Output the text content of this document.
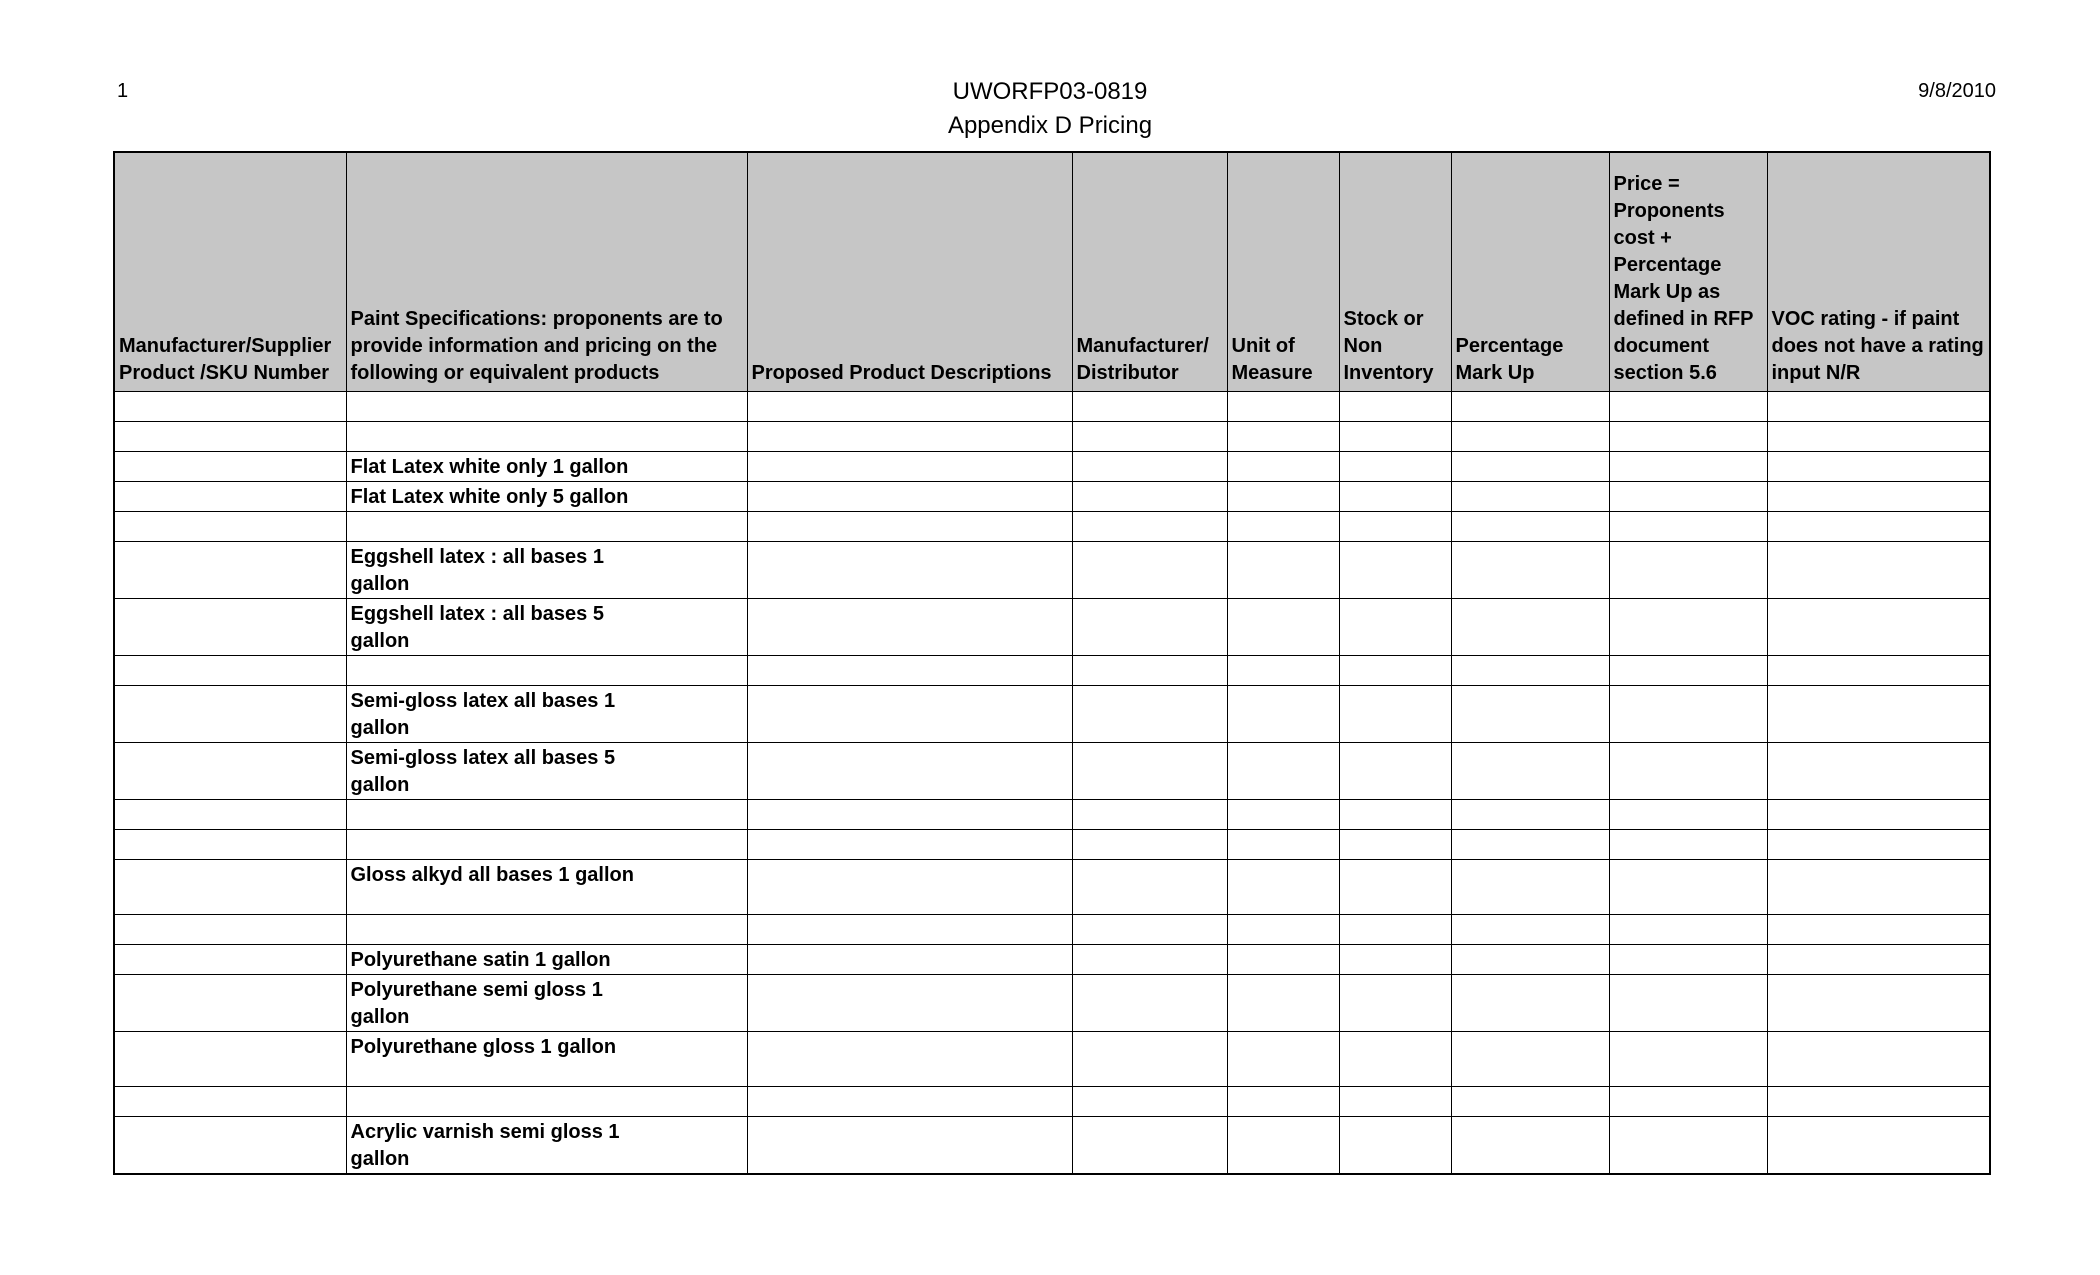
1	UWORFP03-0819
Appendix D Pricing
9/8/2010
Manufacturer/Supplier Product /SKU Number	Paint Specifications: proponents are to provide information and pricing on the following or equivalent products	Proposed Product Descriptions	Manufacturer/ Distributor	Unit of Measure	Stock or Non Inventory	Percentage Mark Up	Price = Proponents cost + Percentage Mark Up as defined in RFP document section 5.6	VOC rating - if paint does not have a rating input N/R

	Flat Latex white only 1 gallon							
	Flat Latex white only 5 gallon							

	Eggshell latex : all bases 1 gallon							
	Eggshell latex : all bases 5 gallon							

	Semi-gloss latex all bases 1 gallon							
	Semi-gloss latex all bases 5 gallon							

	Gloss alkyd all bases 1 gallon							

	Polyurethane satin 1 gallon							
	Polyurethane semi gloss 1 gallon							
	Polyurethane gloss 1 gallon							

	Acrylic varnish semi gloss 1 gallon							
